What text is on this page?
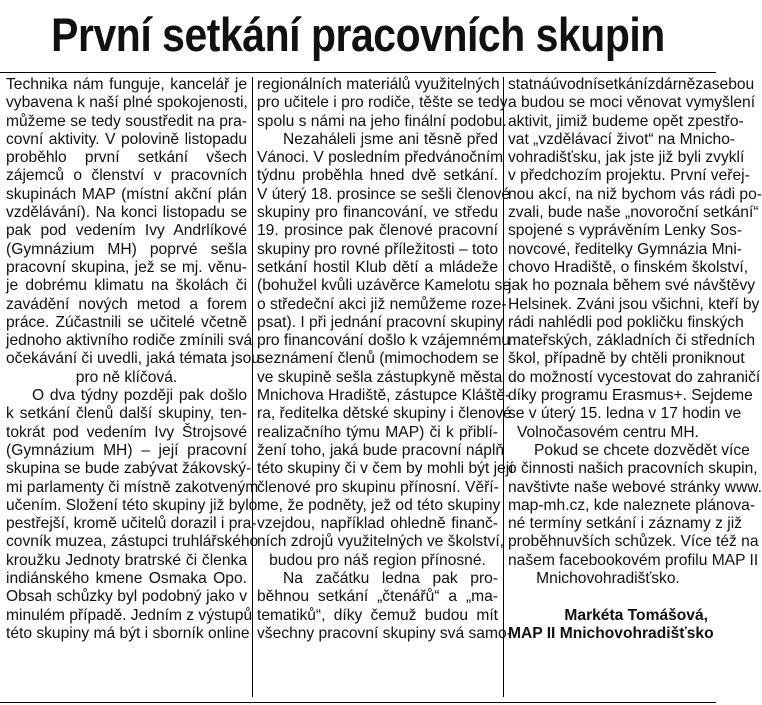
První setkání pracovních skupin
Technika nám funguje, kancelář je
vybavena k naší plné spokojenosti,
můžeme se tedy soustředit na pra-
covní aktivity. V polovině listopadu
proběhlo první setkání všech
zájemců o členství v pracovních
skupinách MAP (místní akční plán
vzdělávání). Na konci listopadu se
pak pod vedením Ivy Andrlíkové
(Gymnázium MH) poprvé sešla
pracovní skupina, jež se mj. věnu-
je dobrému klimatu na školách či
zavádění nových metod a forem
práce. Zúčastnili se učitelé včetně
jednoho aktivního rodiče zmínili svá
očekávání či uvedli, jaká témata jsou
pro ně klíčová.
O dva týdny později pak došlo
k setkání členů další skupiny, ten-
tokrát pod vedením Ivy Štrojsové
(Gymnázium MH) – její pracovní
skupina se bude zabývat žákovský-
mi parlamenty či místně zakotveným
učením. Složení této skupiny již bylo
pestřejší, kromě učitelů dorazil i pra-
covník muzea, zástupci truhlářského
kroužku Jednoty bratrské či členka
indiánského kmene Osmaka Opo.
Obsah schůzky byl podobný jako v
minulém případě. Jedním z výstupů
této skupiny má být i sborník online
regionálních materiálů využitelných
pro učitele i pro rodiče, těšte se tedy
spolu s námi na jeho finální podobu.
Nezaháleli jsme ani těsně před
Vánoci. V posledním předvánočním
týdnu proběhla hned dvě setkání.
V úterý 18. prosince se sešli členové
skupiny pro financování, ve středu
19. prosince pak členové pracovní
skupiny pro rovné příležitosti – toto
setkání hostil Klub dětí a mládeže
(bohužel kvůli uzávěrce Kamelotu se
o středeční akci již nemůžeme roze-
psat). I při jednání pracovní skupiny
pro financování došlo k vzájemnému
seznámení členů (mimochodem se
ve skupině sešla zástupkyně města
Mnichova Hradiště, zástupce Kláště-
ra, ředitelka dětské skupiny i členové
realizačního týmu MAP) či k přiblí-
žení toho, jaká bude pracovní náplň
této skupiny či v čem by mohli být její
členové pro skupinu přínosní. Věří-
me, že podněty, jež od této skupiny
vzejdou, například ohledně finanč-
ních zdrojů využitelných ve školství,
budou pro náš region přínosné.
Na začátku ledna pak pro-
běhnou setkání „čtenářů“ a „ma-
tematiků“, díky čemuž budou mít
všechny pracovní skupiny svá samo-
statnáúvodnísetkánízdárnězasebou
a budou se moci věnovat vymyšlení
aktivit, jimiž budeme opět zpestřo-
vat „vzdělávací život“ na Mnicho-
vohradišťsku, jak jste již byli zvyklí
v předchozím projektu. První veřej-
nou akcí, na niž bychom vás rádi po-
zvali, bude naše „novoroční setkání“
spojené s vyprávěním Lenky Sos-
novcové, ředitelky Gymnázia Mni-
chovo Hradiště, o finském školství,
jak ho poznala během své návštěvy
Helsinek. Zváni jsou všichni, kteří by
rádi nahlédli pod pokličku finských
mateřských, základních či středních
škol, případně by chtěli proniknout
do možností vycestovat do zahraničí
díky programu Erasmus+. Sejdeme
se v úterý 15. ledna v 17 hodin ve
Volnočasovém centru MH.
Pokud se chcete dozvědět více
o činnosti našich pracovních skupin,
navštivte naše webové stránky www.
map-mh.cz, kde naleznete plánova-
né termíny setkání i záznamy z již
proběhnuvších schůzek. Více též na
našem facebookovém profilu MAP II
Mnichovohradišťsko.

Markéta Tomášová,
MAP II Mnichovohradišťsko
